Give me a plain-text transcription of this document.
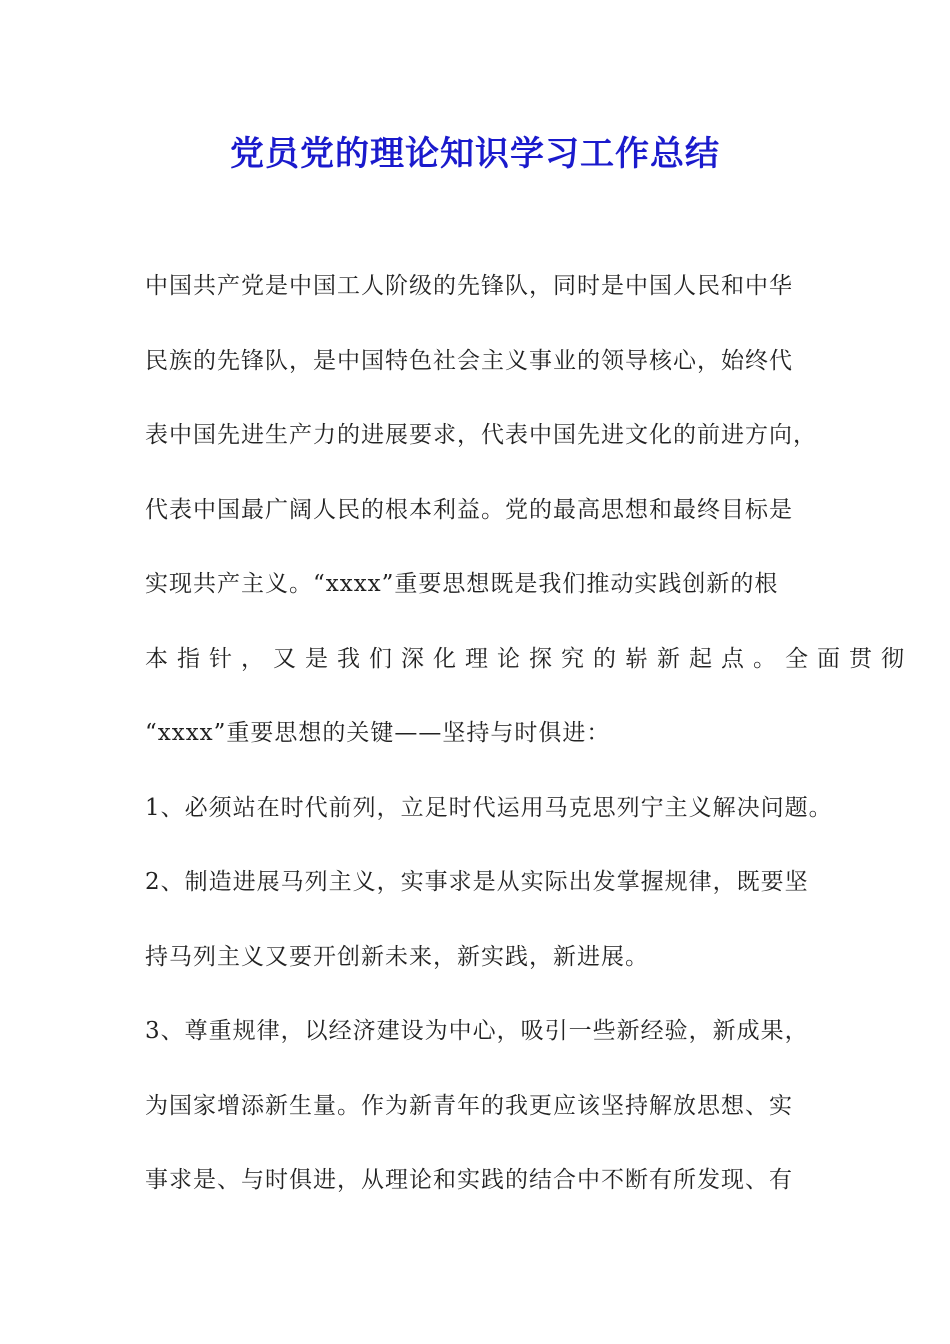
党员党的理论知识学习工作总结

中国共产党是中国工人阶级的先锋队，同时是中国人民和中华

民族的先锋队，是中国特色社会主义事业的领导核心，始终代

表中国先进生产力的进展要求，代表中国先进文化的前进方向，

代表中国最广阔人民的根本利益。党的最高思想和最终目标是

实现共产主义。“xxxx”重要思想既是我们推动实践创新的根

本指针，又是我们深化理论探究的崭新起点。全面贯彻

“xxxx”重要思想的关键——坚持与时俱进：

1、必须站在时代前列，立足时代运用马克思列宁主义解决问题。

2、制造进展马列主义，实事求是从实际出发掌握规律，既要坚

持马列主义又要开创新未来，新实践，新进展。

3、尊重规律，以经济建设为中心，吸引一些新经验，新成果，

为国家增添新生量。作为新青年的我更应该坚持解放思想、实

事求是、与时俱进，从理论和实践的结合中不断有所发现、有
